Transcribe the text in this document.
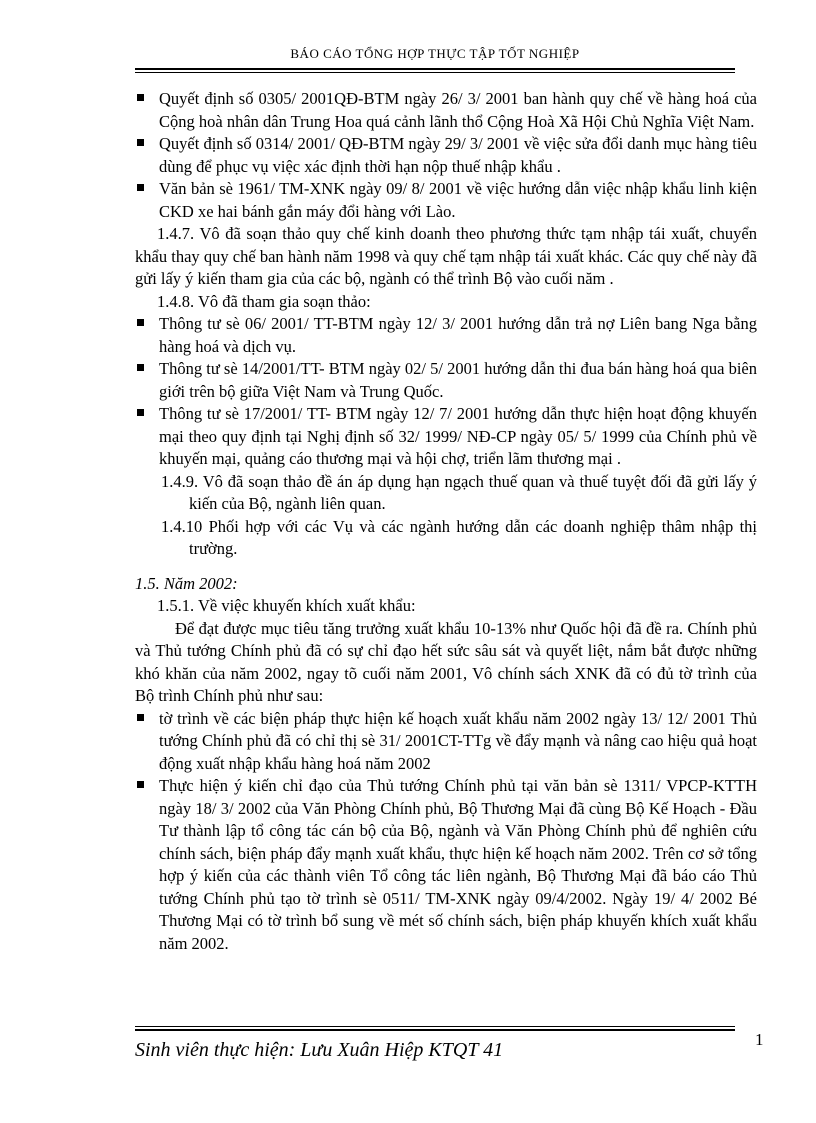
BÁO CÁO TỔNG HỢP THỰC TẬP TỐT NGHIỆP

Quyết định số 0305/ 2001QĐ-BTM ngày 26/ 3/ 2001 ban hành quy chế về hàng hoá của Cộng hoà nhân dân Trung Hoa quá cảnh lãnh thổ Cộng Hoà Xã Hội Chủ Nghĩa Việt Nam.

Quyết định số 0314/ 2001/ QĐ-BTM ngày 29/ 3/ 2001 về việc sửa đổi danh mục hàng tiêu dùng để phục vụ việc xác định thời hạn nộp thuế nhập khẩu .

Văn bản sè 1961/ TM-XNK ngày 09/ 8/ 2001 về việc hướng dẫn việc nhập khẩu linh kiện CKD xe hai bánh gắn máy đổi hàng với Lào.

1.4.7. Vô đã soạn thảo quy chế kinh doanh theo phương thức tạm nhập tái xuất, chuyển khẩu thay quy chế ban hành năm 1998 và quy chế tạm nhập tái xuất khác. Các quy chế này đã gửi lấy ý kiến tham gia của các bộ, ngành có thể trình Bộ vào cuối năm .

1.4.8. Vô đã tham gia soạn thảo:

Thông tư sè 06/ 2001/ TT-BTM ngày 12/ 3/ 2001 hướng dẫn trả nợ Liên bang Nga bằng hàng hoá và dịch vụ.

Thông tư sè 14/2001/TT- BTM ngày 02/ 5/ 2001 hướng dẫn thi đua bán hàng hoá qua biên giới trên bộ giữa Việt Nam và Trung Quốc.

Thông tư sè 17/2001/ TT- BTM ngày 12/ 7/ 2001 hướng dẫn thực hiện hoạt động khuyến mại theo quy định tại Nghị định số 32/ 1999/ NĐ-CP ngày 05/ 5/ 1999 của Chính phủ về khuyến mại, quảng cáo thương mại và hội chợ, triển lãm thương mại .

1.4.9. Vô đã soạn thảo đề án áp dụng hạn ngạch thuế quan và thuế tuyệt đối đã gửi lấy ý kiến của Bộ, ngành liên quan.

1.4.10 Phối hợp với các Vụ và các ngành hướng dẫn các doanh nghiệp thâm nhập thị trường.

1.5. Năm 2002:

1.5.1. Về việc khuyến khích xuất khẩu:

Để đạt được mục tiêu tăng trưởng xuất khẩu 10-13% như Quốc hội đã đề ra. Chính phủ và Thủ tướng Chính phủ đã có sự chỉ đạo hết sức sâu sát và quyết liệt, nắm bắt được những khó khăn của năm 2002, ngay tõ cuối năm 2001, Vô chính sách XNK đã có đủ tờ trình của Bộ trình Chính phủ như sau:

tờ trình về các biện pháp thực hiện kế hoạch xuất khẩu năm 2002 ngày 13/ 12/ 2001 Thủ tướng Chính phủ đã có chỉ thị sè 31/ 2001CT-TTg về đẩy mạnh và nâng cao hiệu quả hoạt động xuất nhập khẩu hàng hoá năm 2002

Thực hiện ý kiến chỉ đạo của Thủ tướng Chính phủ tại văn bản sè 1311/ VPCP-KTTH ngày 18/ 3/ 2002 của Văn Phòng Chính phủ, Bộ Thương Mại đã cùng Bộ Kế Hoạch - Đầu Tư thành lập tổ công tác cán bộ của Bộ, ngành và Văn Phòng Chính phủ để nghiên cứu chính sách, biện pháp đẩy mạnh xuất khẩu, thực hiện kế hoạch năm 2002. Trên cơ sở tổng hợp ý kiến của các thành viên Tổ công tác liên ngành, Bộ Thương Mại đã báo cáo Thủ tướng Chính phủ tạo tờ trình sè 0511/ TM-XNK ngày 09/4/2002. Ngày 19/ 4/ 2002 Bé Thương Mại có tờ trình bổ sung về mét số chính sách, biện pháp khuyến khích xuất khẩu năm 2002.

Sinh viên thực hiện: Lưu Xuân Hiệp KTQT 41	1
